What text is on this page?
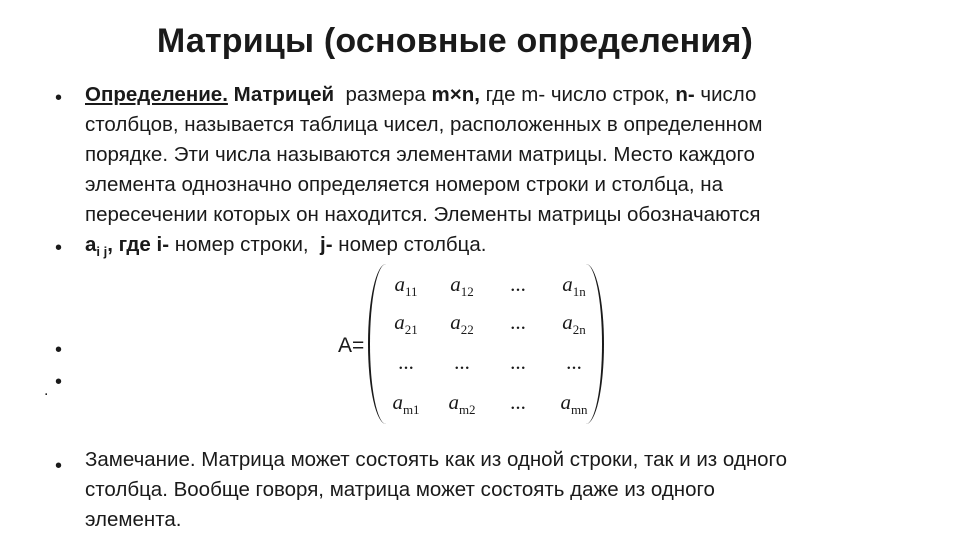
Матрицы (основные определения)
• Определение. Матрицей размера m×n, где m- число строк, n- число
столбцов, называется таблица чисел, расположенных в определенном
порядке. Эти числа называются элементами матрицы. Место каждого
элемента однозначно определяется номером строки и столбца, на
пересечении которых он находится. Элементы матрицы обозначаются
• $a_{i j}$, где i- номер строки, j- номер столбца.
•
•
.
A=
$a_{11}$	$a_{12}$	...	$a_{1n}$
$a_{21}$	$a_{22}$	...	$a_{2n}$
...	...	...	...
$a_{m1}$	$a_{m2}$	...	$a_{mn}$
• Замечание. Матрица может состоять как из одной строки, так и из одного
столбца. Вообще говоря, матрица может состоять даже из одного
элемента.
